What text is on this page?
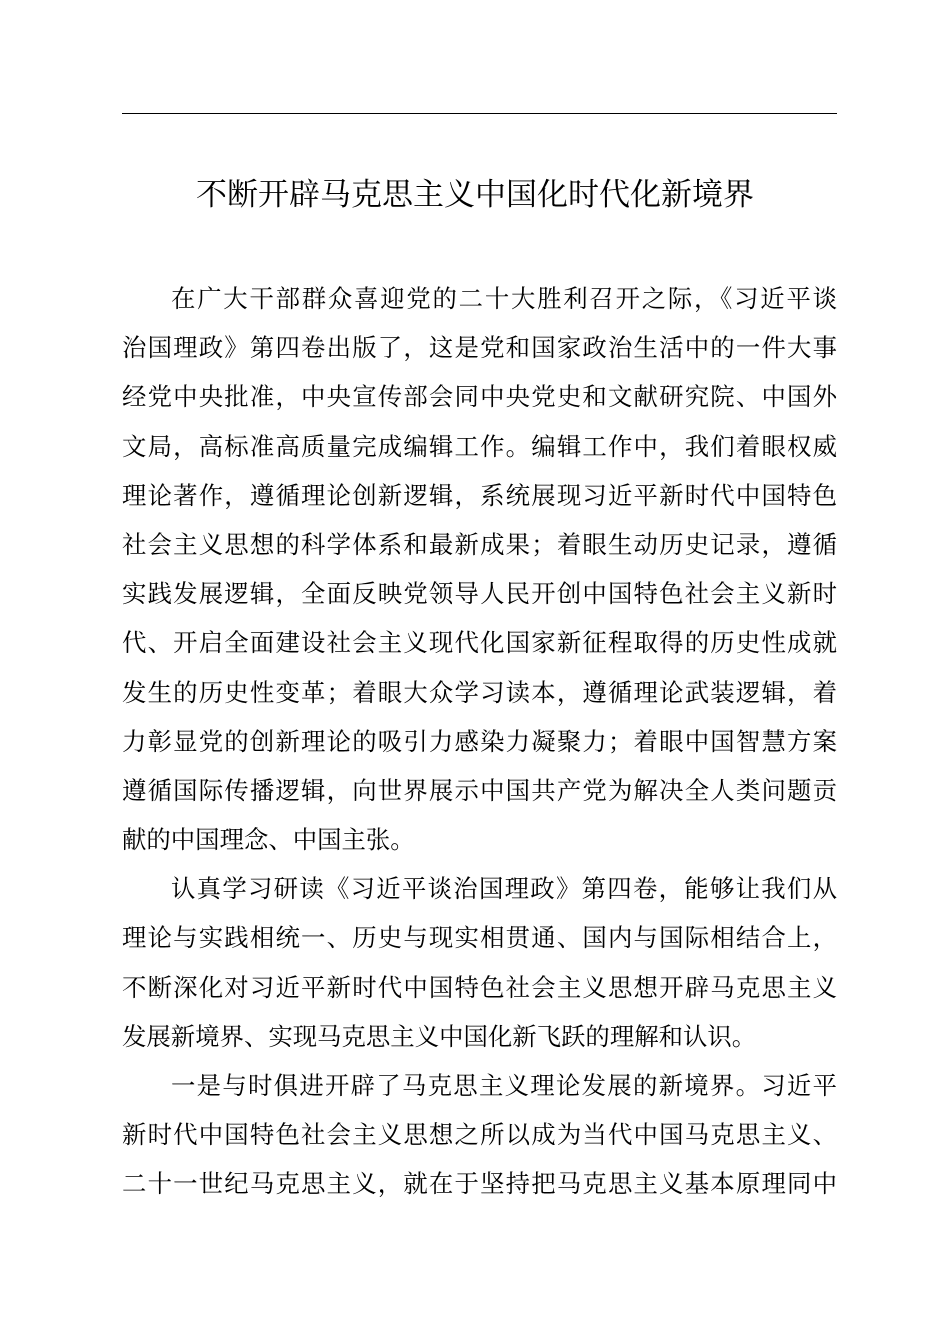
不断开辟马克思主义中国化时代化新境界
在广大干部群众喜迎党的二十大胜利召开之际，《习近平谈
治国理政》第四卷出版了，这是党和国家政治生活中的一件大事
经党中央批准，中央宣传部会同中央党史和文献研究院、中国外
文局，高标准高质量完成编辑工作。编辑工作中，我们着眼权威
理论著作，遵循理论创新逻辑，系统展现习近平新时代中国特色
社会主义思想的科学体系和最新成果；着眼生动历史记录，遵循
实践发展逻辑，全面反映党领导人民开创中国特色社会主义新时
代、开启全面建设社会主义现代化国家新征程取得的历史性成就
发生的历史性变革；着眼大众学习读本，遵循理论武装逻辑，着
力彰显党的创新理论的吸引力感染力凝聚力；着眼中国智慧方案
遵循国际传播逻辑，向世界展示中国共产党为解决全人类问题贡
献的中国理念、中国主张。
认真学习研读《习近平谈治国理政》第四卷，能够让我们从
理论与实践相统一、历史与现实相贯通、国内与国际相结合上，
不断深化对习近平新时代中国特色社会主义思想开辟马克思主义
发展新境界、实现马克思主义中国化新飞跃的理解和认识。
一是与时俱进开辟了马克思主义理论发展的新境界。习近平
新时代中国特色社会主义思想之所以成为当代中国马克思主义、
二十一世纪马克思主义，就在于坚持把马克思主义基本原理同中
